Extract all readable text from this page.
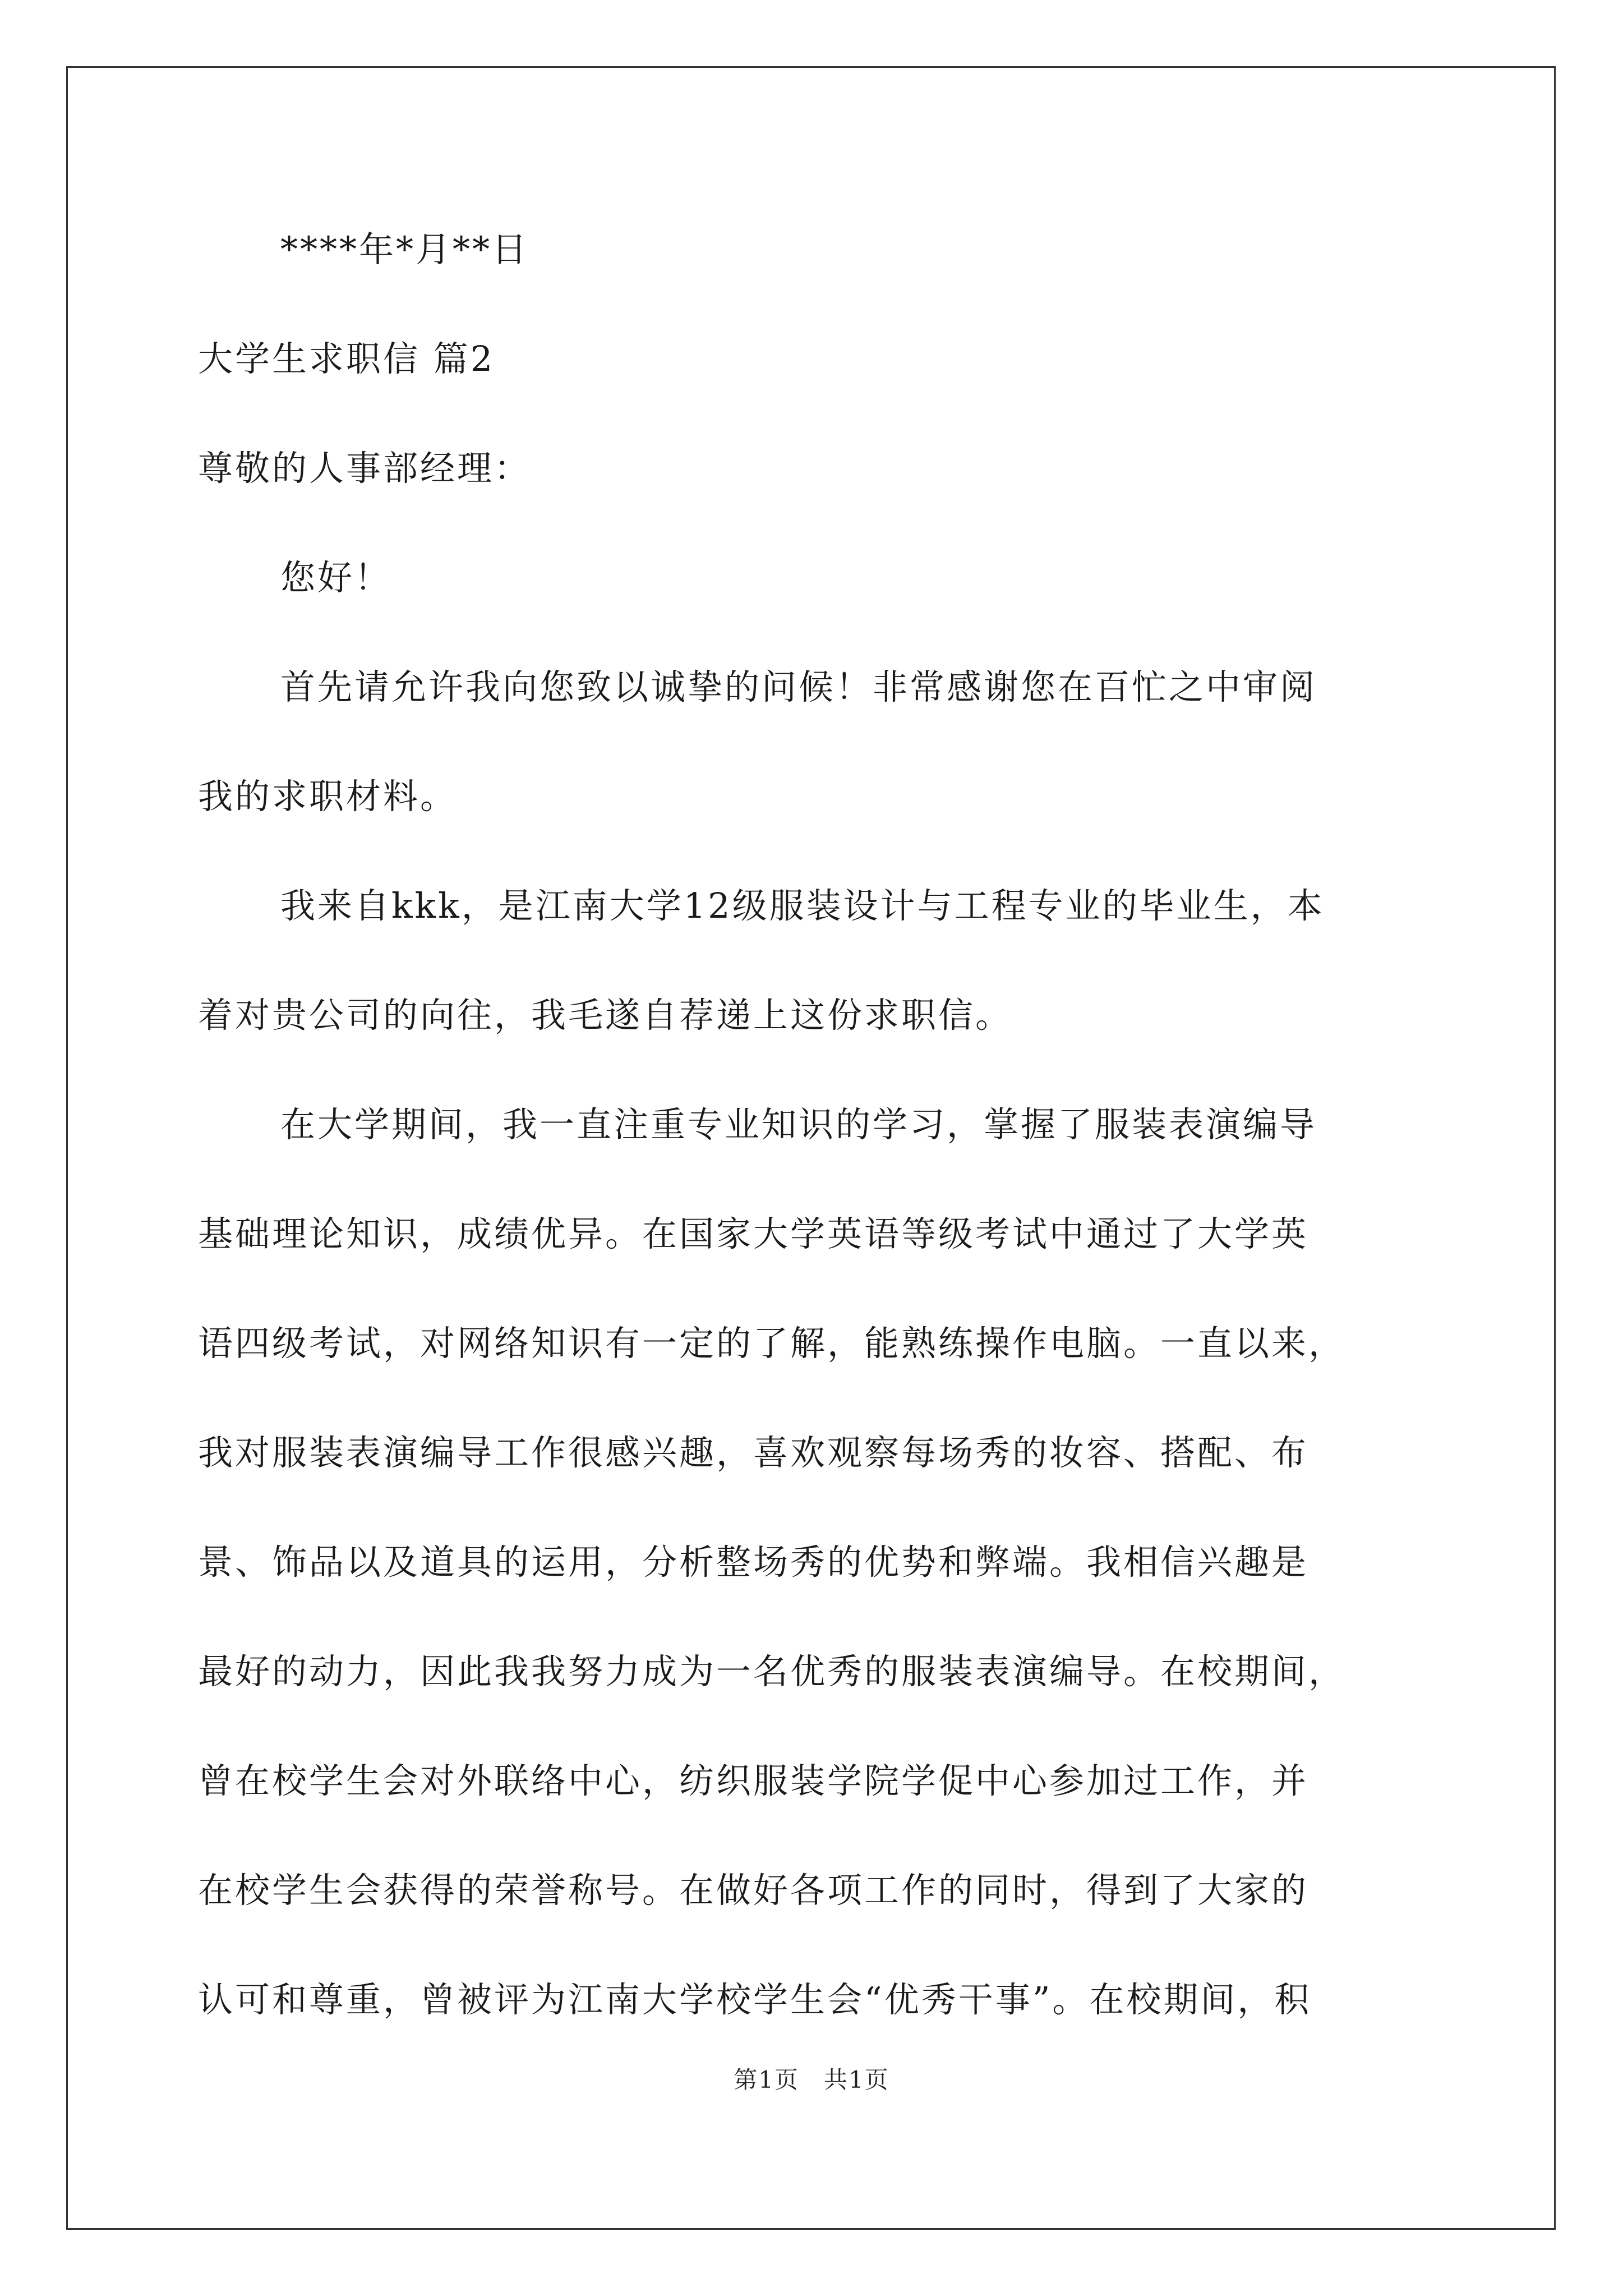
****年*月**日
大学生求职信 篇2
尊敬的人事部经理：
您好！
首先请允许我向您致以诚挚的问候！非常感谢您在百忙之中审阅
我的求职材料。
我来自kkk，是江南大学12级服装设计与工程专业的毕业生，本
着对贵公司的向往，我毛遂自荐递上这份求职信。
在大学期间，我一直注重专业知识的学习，掌握了服装表演编导
基础理论知识，成绩优异。在国家大学英语等级考试中通过了大学英
语四级考试，对网络知识有一定的了解，能熟练操作电脑。一直以来，
我对服装表演编导工作很感兴趣，喜欢观察每场秀的妆容、搭配、布
景、饰品以及道具的运用，分析整场秀的优势和弊端。我相信兴趣是
最好的动力，因此我我努力成为一名优秀的服装表演编导。在校期间，
曾在校学生会对外联络中心，纺织服装学院学促中心参加过工作，并
在校学生会获得的荣誉称号。在做好各项工作的同时，得到了大家的
认可和尊重，曾被评为江南大学校学生会“优秀干事”。在校期间，积
第1页　共1页
